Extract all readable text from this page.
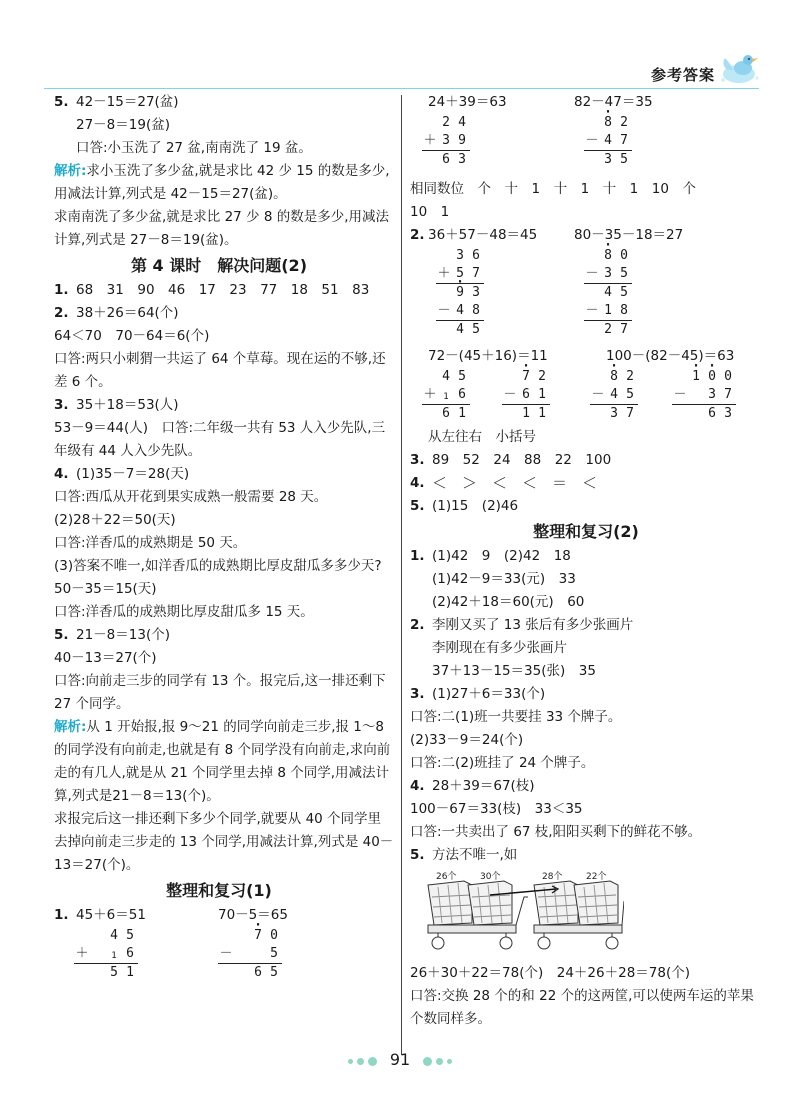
参考答案
5. 42－15＝27(盆)
27－8＝19(盆)
口答:小玉洗了 27 盆,南南洗了 19 盆。
解析:求小玉洗了多少盆,就是求比 42 少 15 的数是多少,用减法计算,列式是 42－15＝27(盆)。
求南南洗了多少盆,就是求比 27 少 8 的数是多少,用减法计算,列式是 27－8＝19(盆)。
第 4 课时　解决问题(2)
1. 68　31　90　46　17　23　77　18　51　83
2. 38＋26＝64(个)
64＜70　70－64＝6(个)
口答:两只小刺猬一共运了 64 个草莓。现在运的不够,还差 6 个。
3. 35＋18＝53(人)
53－9＝44(人)　口答:二年级一共有 53 人入少先队,三年级有 44 人入少先队。
4. (1)35－7＝28(天)
口答:西瓜从开花到果实成熟一般需要 28 天。
(2)28＋22＝50(天)
口答:洋香瓜的成熟期是 50 天。
(3)答案不唯一,如洋香瓜的成熟期比厚皮甜瓜多多少天?
50－35＝15(天)
口答:洋香瓜的成熟期比厚皮甜瓜多 15 天。
5. 21－8＝13(个)
40－13＝27(个)
口答:向前走三步的同学有 13 个。报完后,这一排还剩下 27 个同学。
解析:从 1 开始报,报 9～21 的同学向前走三步,报 1～8 的同学没有向前走,也就是有 8 个同学没有向前走,求向前走的有几人,就是从 21 个同学里去掉 8 个同学,用减法计算,列式是21－8＝13(个)。
求报完后这一排还剩下多少个同学,就要从 40 个同学里去掉向前走三步走的 13 个同学,用减法计算,列式是 40－13＝27(个)。
整理和复习(1)
1. 45＋6＝51	70－5＝65
4 5
＋	1 6
5 1
· 7 0
－	5
6 5
24＋39＝63	82－47＝35
2 4
＋ 3 9
6 3
· 8 2
－ 4 7
3 5
相同数位　个　十　1　十　1　十　1　10　个
10　1
2. 36＋57－48＝45	80－35－18＝27
3 6
＋ 5 7
· 9 3
－ 4 8
4 5
· 8 0
－ 3 5
4 5
－ 1 8
2 7
72－(45＋16)＝11	100－(82－45)＝63
4 5
＋ 1 6
6 1
· 7 2
－ 6 1
1 1
· 8 2
－ 4 5
3 7
· 1
· 0 0
－	3 7
6 3
从左往右　小括号
3. 89　52　24　88　22　100
4. ＜　＞　＜　＜　＝　＜
5. (1)15　(2)46
整理和复习(2)
1. (1)42　9　(2)42　18
(1)42－9＝33(元)　33
(2)42＋18＝60(元)　60
2. 李刚又买了 13 张后有多少张画片
李刚现在有多少张画片
37＋13－15＝35(张)　35
3. (1)27＋6＝33(个)
口答:二(1)班一共要挂 33 个牌子。
(2)33－9＝24(个)
口答:二(2)班挂了 24 个牌子。
4. 28＋39＝67(枝)
100－67＝33(枝)　33＜35
口答:一共卖出了 67 枝,阳阳买剩下的鲜花不够。
5. 方法不唯一,如
26个	30个	28个	22个
26＋30＋22＝78(个)　24＋26＋28＝78(个)
口答:交换 28 个的和 22 个的这两筐,可以使两车运的苹果个数同样多。
91
